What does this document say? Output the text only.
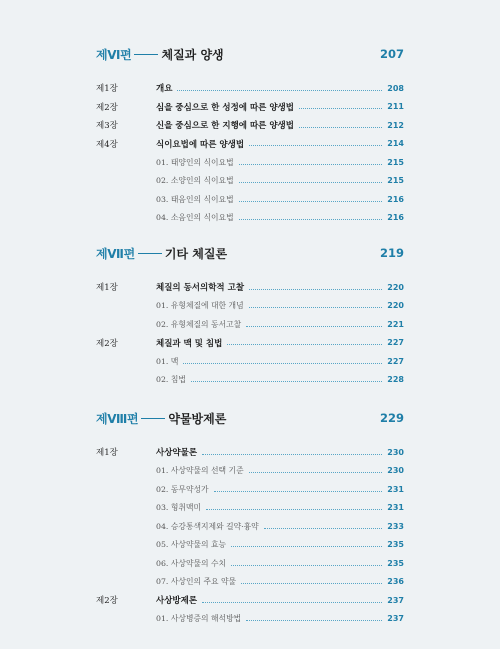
제Ⅵ편	체질과 양생	207
제1장	개요	208
제2장	심을 중심으로 한 성정에 따른 양생법	211
제3장	신을 중심으로 한 지행에 따른 양생법	212
제4장	식이요법에 따른 양생법	214
01. 태양인의 식이요법	215
02. 소양인의 식이요법	215
03. 태음인의 식이요법	216
04. 소음인의 식이요법	216
제Ⅶ편	기타 체질론	219
제1장	체질의 동서의학적 고찰	220
01. 유형체질에 대한 개념	220
02. 유형체질의 동서고찰	221
제2장	체질과 맥 및 침법	227
01. 맥	227
02. 침법	228
제Ⅷ편	약물방제론	229
제1장	사상약물론	230
01. 사상약물의 선택 기준	230
02. 동무약성가	231
03. 형취맥미	231
04. 승강통색지제와 길약·흉약	233
05. 사상약물의 효능	235
06. 사상약물의 수치	235
07. 사상인의 주요 약물	236
제2장	사상방제론	237
01. 사상병증의 해석방법	237
